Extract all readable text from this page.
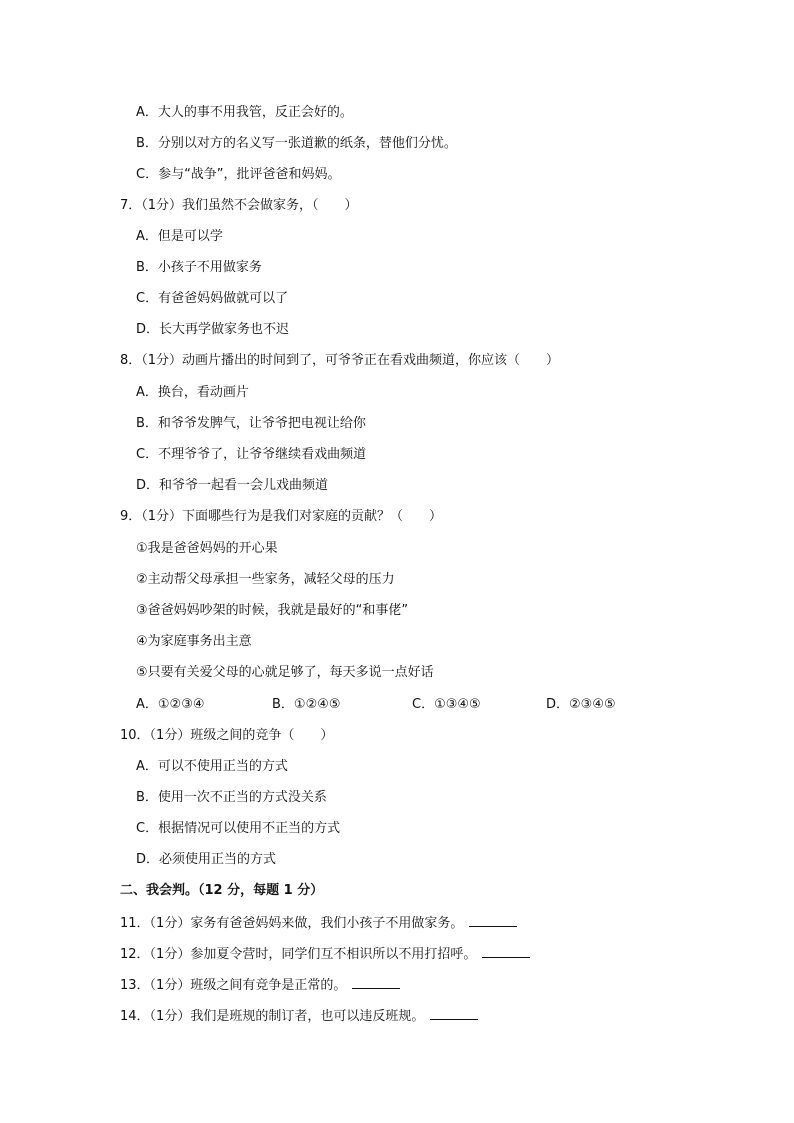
A．大人的事不用我管，反正会好的。
B．分别以对方的名义写一张道歉的纸条，替他们分忧。
C．参与“战争”，批评爸爸和妈妈。
7．（1分）我们虽然不会做家务，（　　）
A．但是可以学
B．小孩子不用做家务
C．有爸爸妈妈做就可以了
D．长大再学做家务也不迟
8．（1分）动画片播出的时间到了，可爷爷正在看戏曲频道，你应该（　　）
A．换台，看动画片
B．和爷爷发脾气，让爷爷把电视让给你
C．不理爷爷了，让爷爷继续看戏曲频道
D．和爷爷一起看一会儿戏曲频道
9．（1分）下面哪些行为是我们对家庭的贡献？（　　）
①我是爸爸妈妈的开心果
②主动帮父母承担一些家务，减轻父母的压力
③爸爸妈妈吵架的时候，我就是最好的“和事佬”
④为家庭事务出主意
⑤只要有关爱父母的心就足够了，每天多说一点好话
A．①②③④	B．①②④⑤	C．①③④⑤	D．②③④⑤
10．（1分）班级之间的竞争（　　）
A．可以不使用正当的方式
B．使用一次不正当的方式没关系
C．根据情况可以使用不正当的方式
D．必须使用正当的方式
二、我会判。（12 分，每题 1 分）
11．（1分）家务有爸爸妈妈来做，我们小孩子不用做家务。
12．（1分）参加夏令营时，同学们互不相识所以不用打招呼。
13．（1分）班级之间有竞争是正常的。
14．（1分）我们是班规的制订者，也可以违反班规。
